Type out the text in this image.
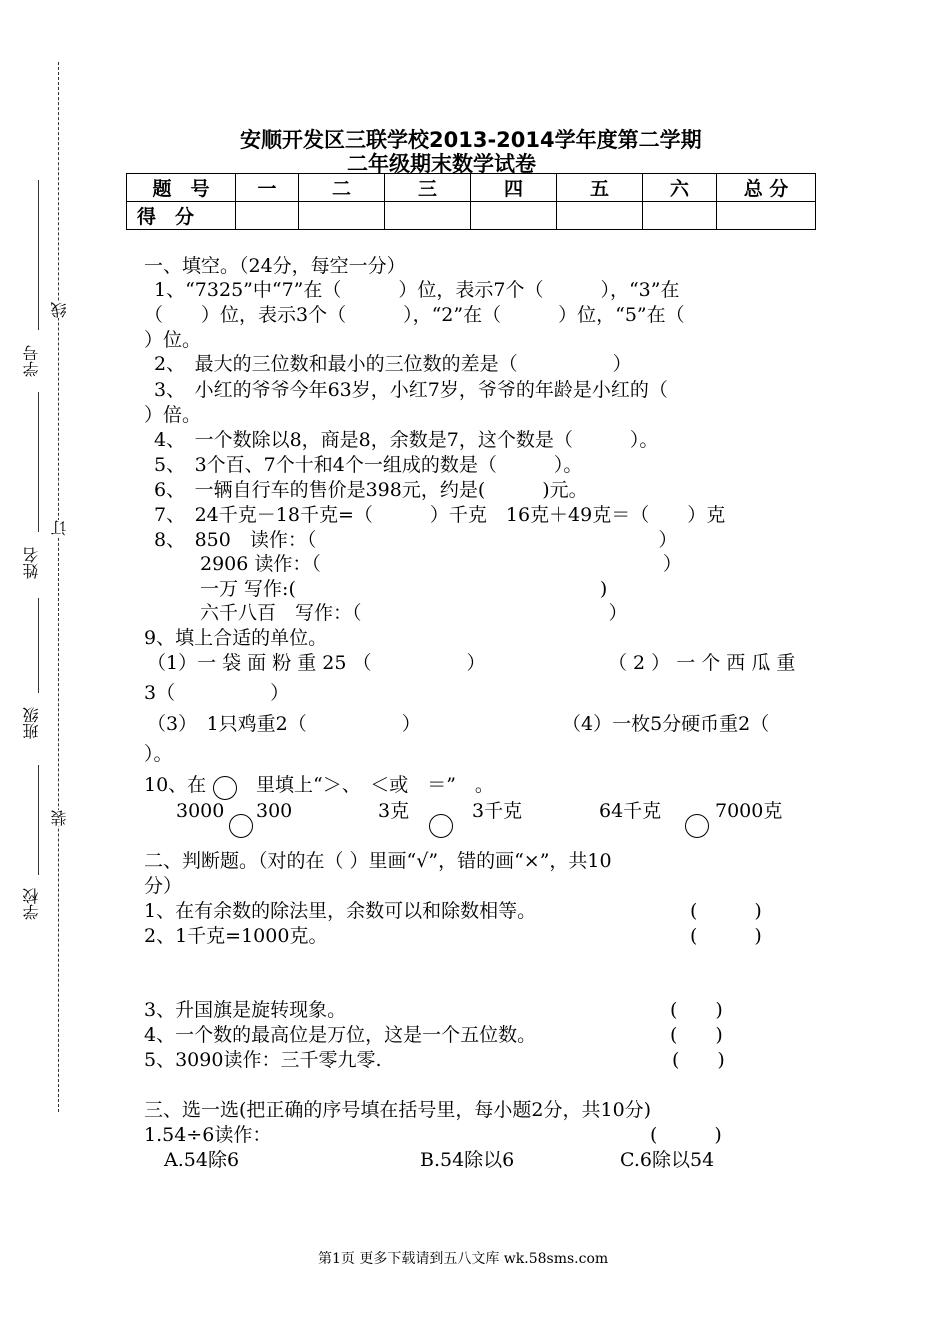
学号
姓名
班级
学校
线
订
装
安顺开发区三联学校2013-2014学年度第二学期
二年级期末数学试卷
题　号	一	二	三	四	五	六	总 分
得　分							
一、填空。（24分，每空一分）
1、“7325”中“7”在（　　　）位，表示7个（　　　），“3”在
（　　）位，表示3个（　　　），“2”在（　　　）位，“5”在（
）位。
2、　最大的三位数和最小的三位数的差是（　　　　　）
3、　小红的爷爷今年63岁，小红7岁，爷爷的年龄是小红的（
）倍。
4、　一个数除以8，商是8，余数是7，这个数是（　　　）。
5、　3个百、7个十和4个一组成的数是（　　　）。
6、　一辆自行车的售价是398元，约是(　　　)元。
7、　24千克－18千克=（　　　）千克　16克＋49克＝（　　）克
8、　850　读作：（　　　　　　　　　　　　　　　　　　）
2906 读作：（　　　　　　　　　　　　　　　　　　）
一万 写作:(　　　　　　　　　　　　　　　　)
六千八百　写作：（　　　　　　　　　　　　　）
9、填上合适的单位。
（1）一 袋 面 粉 重 25 （　　　　　）	（ 2 ） 一 个 西 瓜 重
3（　　　　　）
（3）　1只鸡重2（　　　　　）	（4）一枚5分硬币重2（
）。
10、在	里填上“＞、　＜或　＝”　。
3000 300	3克	3千克	64千克	7000克
二、判断题。（对的在（ ）里画“√”，错的画“×”，共10
分）
1、在有余数的除法里，余数可以和除数相等。	(　　　)
2、1千克=1000克。	(　　　)
3、升国旗是旋转现象。	(　　)
4、一个数的最高位是万位，这是一个五位数。	(　　)
5、3090读作：三千零九零.	(　　)
三、选一选(把正确的序号填在括号里，每小题2分，共10分)
1.54÷6读作：	(　　　)
A.54除6	B.54除以6	C.6除以54
第1页 更多下载请到五八文库 wk.58sms.com
